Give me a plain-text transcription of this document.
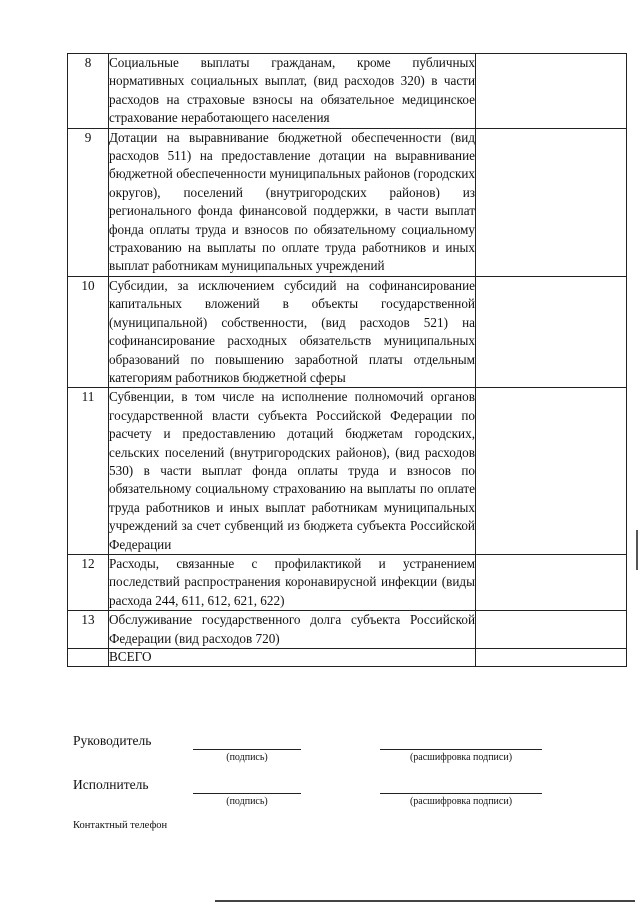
8	Социальные выплаты гражданам, кроме публичных нормативных социальных выплат, (вид расходов 320) в части расходов на страховые взносы на обязательное медицинское страхование неработающего населения	

9	Дотации на выравнивание бюджетной обеспеченности (вид расходов 511) на предоставление дотации на выравнивание бюджетной обеспеченности муниципальных районов (городских округов), поселений (внутригородских районов) из регионального фонда финансовой поддержки, в части выплат фонда оплаты труда и взносов по обязательному социальному страхованию на выплаты по оплате труда работников и иных выплат работникам муниципальных учреждений	

10	Субсидии, за исключением субсидий на софинансирование капитальных вложений в объекты государственной (муниципальной) собственности, (вид расходов 521) на софинансирование расходных обязательств муниципальных образований по повышению заработной платы отдельным категориям работников бюджетной сферы	

11	Субвенции, в том числе на исполнение полномочий органов государственной власти субъекта Российской Федерации по расчету и предоставлению дотаций бюджетам городских, сельских поселений (внутригородских районов), (вид расходов 530) в части выплат фонда оплаты труда и взносов по обязательному социальному страхованию на выплаты по оплате труда работников и иных выплат работникам муниципальных учреждений за счет субвенций из бюджета субъекта Российской Федерации	

12	Расходы, связанные с профилактикой и устранением последствий распространения коронавирусной инфекции (виды расхода 244, 611, 612, 621, 622)	

13	Обслуживание государственного долга субъекта Российской Федерации (вид расходов 720)	

	ВСЕГО	
Руководитель
(подпись)	(расшифровка подписи)
Исполнитель
(подпись)	(расшифровка подписи)
Контактный телефон
